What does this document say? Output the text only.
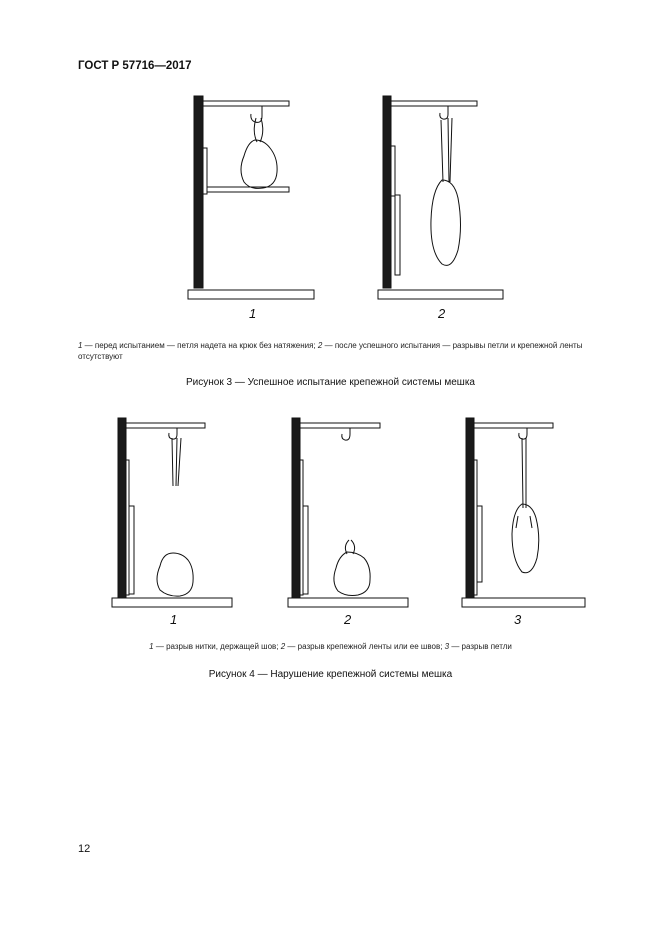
ГОСТ Р 57716—2017
1	2
1 — перед испытанием — петля надета на крюк без натяжения; 2 — после успешного испытания — разрывы петли и крепежной ленты отсутствуют
Рисунок 3 — Успешное испытание крепежной системы мешка
1	2	3
1 — разрыв нитки, держащей шов; 2 — разрыв крепежной ленты или ее швов; 3 — разрыв петли
Рисунок 4 — Нарушение крепежной системы мешка
12
